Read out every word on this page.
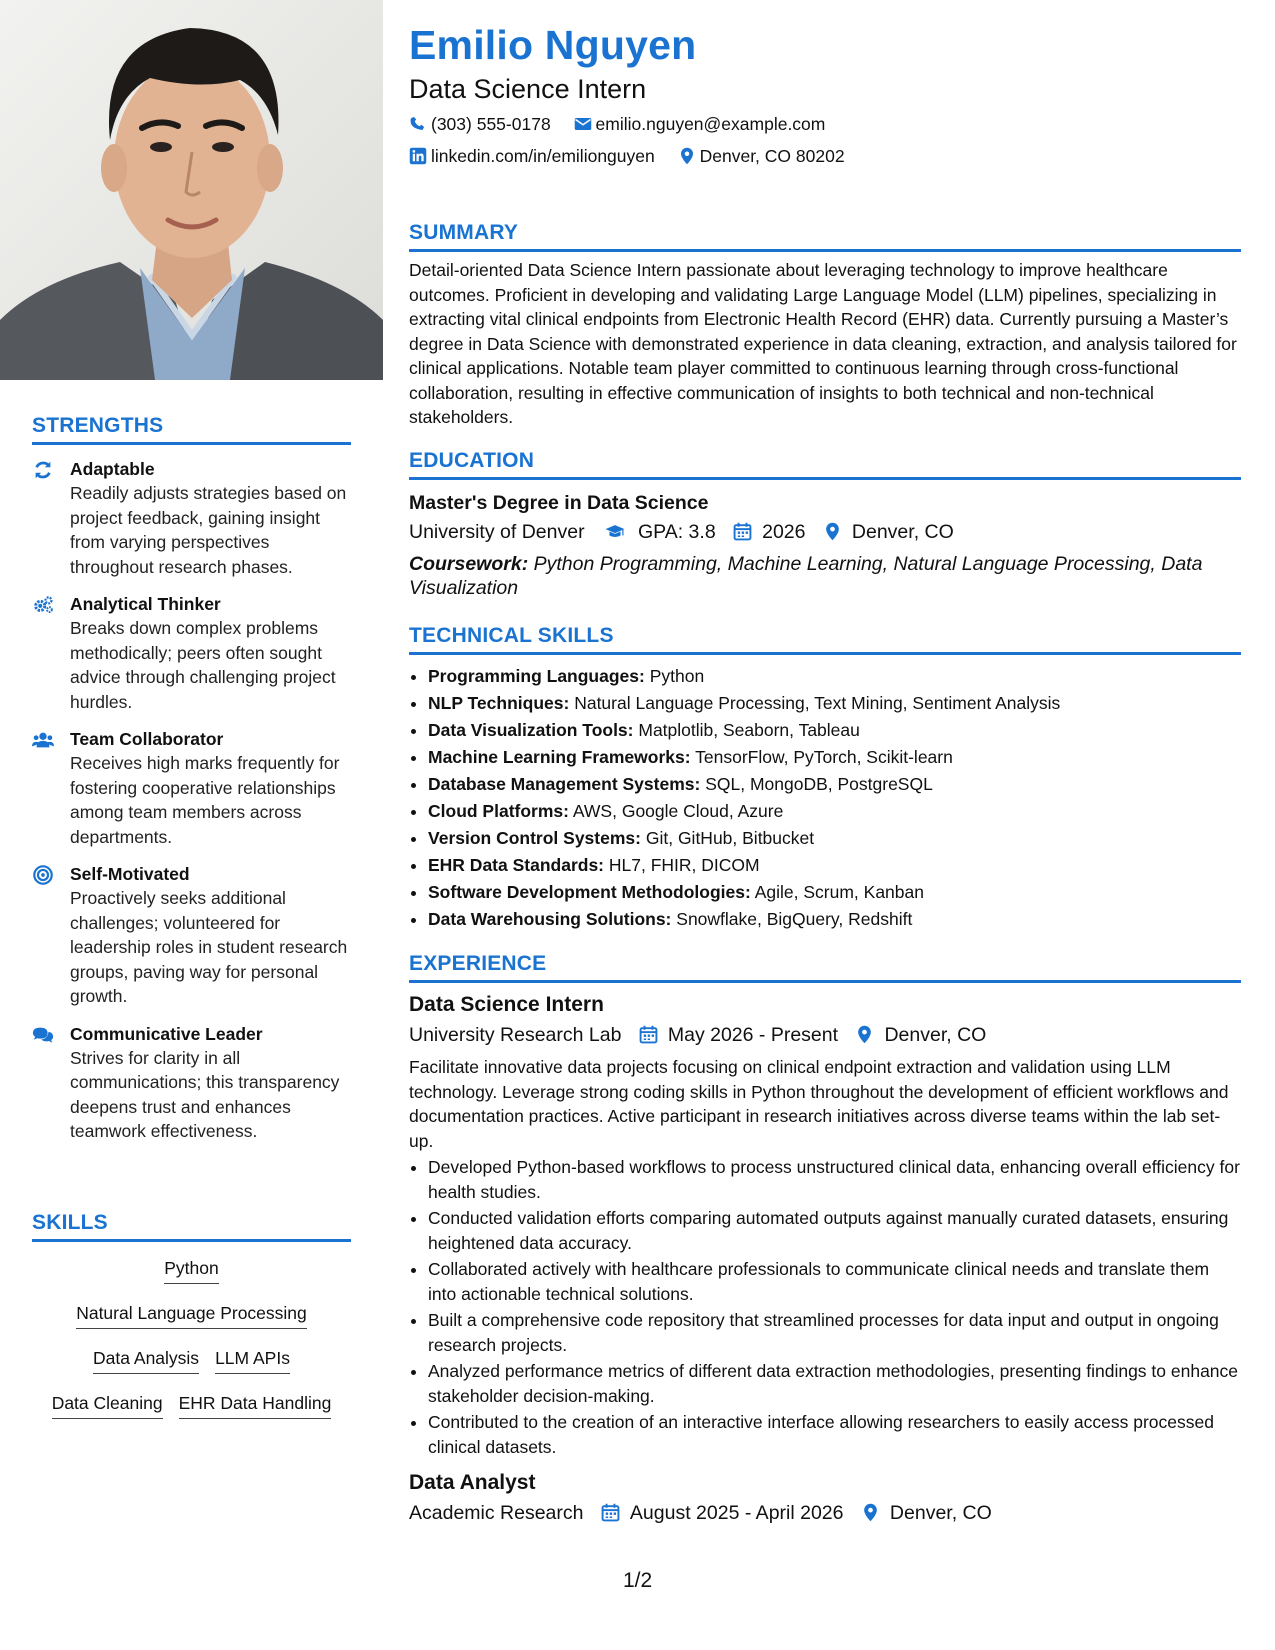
STRENGTHS
Adaptable
Readily adjusts strategies based on project feedback, gaining insight from varying perspectives throughout research phases.
Analytical Thinker
Breaks down complex problems methodically; peers often sought advice through challenging project hurdles.
Team Collaborator
Receives high marks frequently for fostering cooperative relationships among team members across departments.
Self-Motivated
Proactively seeks additional challenges; volunteered for leadership roles in student research groups, paving way for personal growth.
Communicative Leader
Strives for clarity in all communications; this transparency deepens trust and enhances teamwork effectiveness.
SKILLS
Python
Natural Language Processing
Data Analysis LLM APIs
Data Cleaning EHR Data Handling
Emilio Nguyen
Data Science Intern
(303) 555-0178	emilio.nguyen@example.com
linkedin.com/in/emilionguyen	Denver, CO 80202
SUMMARY

Detail-oriented Data Science Intern passionate about leveraging technology to improve healthcare outcomes. Proficient in developing and validating Large Language Model (LLM) pipelines, specializing in extracting vital clinical endpoints from Electronic Health Record (EHR) data. Currently pursuing a Master’s degree in Data Science with demonstrated experience in data cleaning, extraction, and analysis tailored for clinical applications. Notable team player committed to continuous learning through cross-functional collaboration, resulting in effective communication of insights to both technical and non-technical stakeholders.

EDUCATION
Master's Degree in Data Science
University of Denver	GPA: 3.8 2026 Denver, CO
Coursework: Python Programming, Machine Learning, Natural Language Processing, Data Visualization
TECHNICAL SKILLS
• Programming Languages: Python
• NLP Techniques: Natural Language Processing, Text Mining, Sentiment Analysis
• Data Visualization Tools: Matplotlib, Seaborn, Tableau
• Machine Learning Frameworks: TensorFlow, PyTorch, Scikit-learn
• Database Management Systems: SQL, MongoDB, PostgreSQL
• Cloud Platforms: AWS, Google Cloud, Azure
• Version Control Systems: Git, GitHub, Bitbucket
• EHR Data Standards: HL7, FHIR, DICOM
• Software Development Methodologies: Agile, Scrum, Kanban
• Data Warehousing Solutions: Snowflake, BigQuery, Redshift
EXPERIENCE
Data Science Intern
University Research Lab May 2026 - Present Denver, CO

Facilitate innovative data projects focusing on clinical endpoint extraction and validation using LLM technology. Leverage strong coding skills in Python throughout the development of efficient workflows and documentation practices. Active participant in research initiatives across diverse teams within the lab set-up.

• Developed Python-based workflows to process unstructured clinical data, enhancing overall efficiency for health studies.
• Conducted validation efforts comparing automated outputs against manually curated datasets, ensuring heightened data accuracy.
• Collaborated actively with healthcare professionals to communicate clinical needs and translate them into actionable technical solutions.
• Built a comprehensive code repository that streamlined processes for data input and output in ongoing research projects.
• Analyzed performance metrics of different data extraction methodologies, presenting findings to enhance stakeholder decision-making.
• Contributed to the creation of an interactive interface allowing researchers to easily access processed clinical datasets.
Data Analyst
Academic Research August 2025 - April 2026 Denver, CO
1/2
